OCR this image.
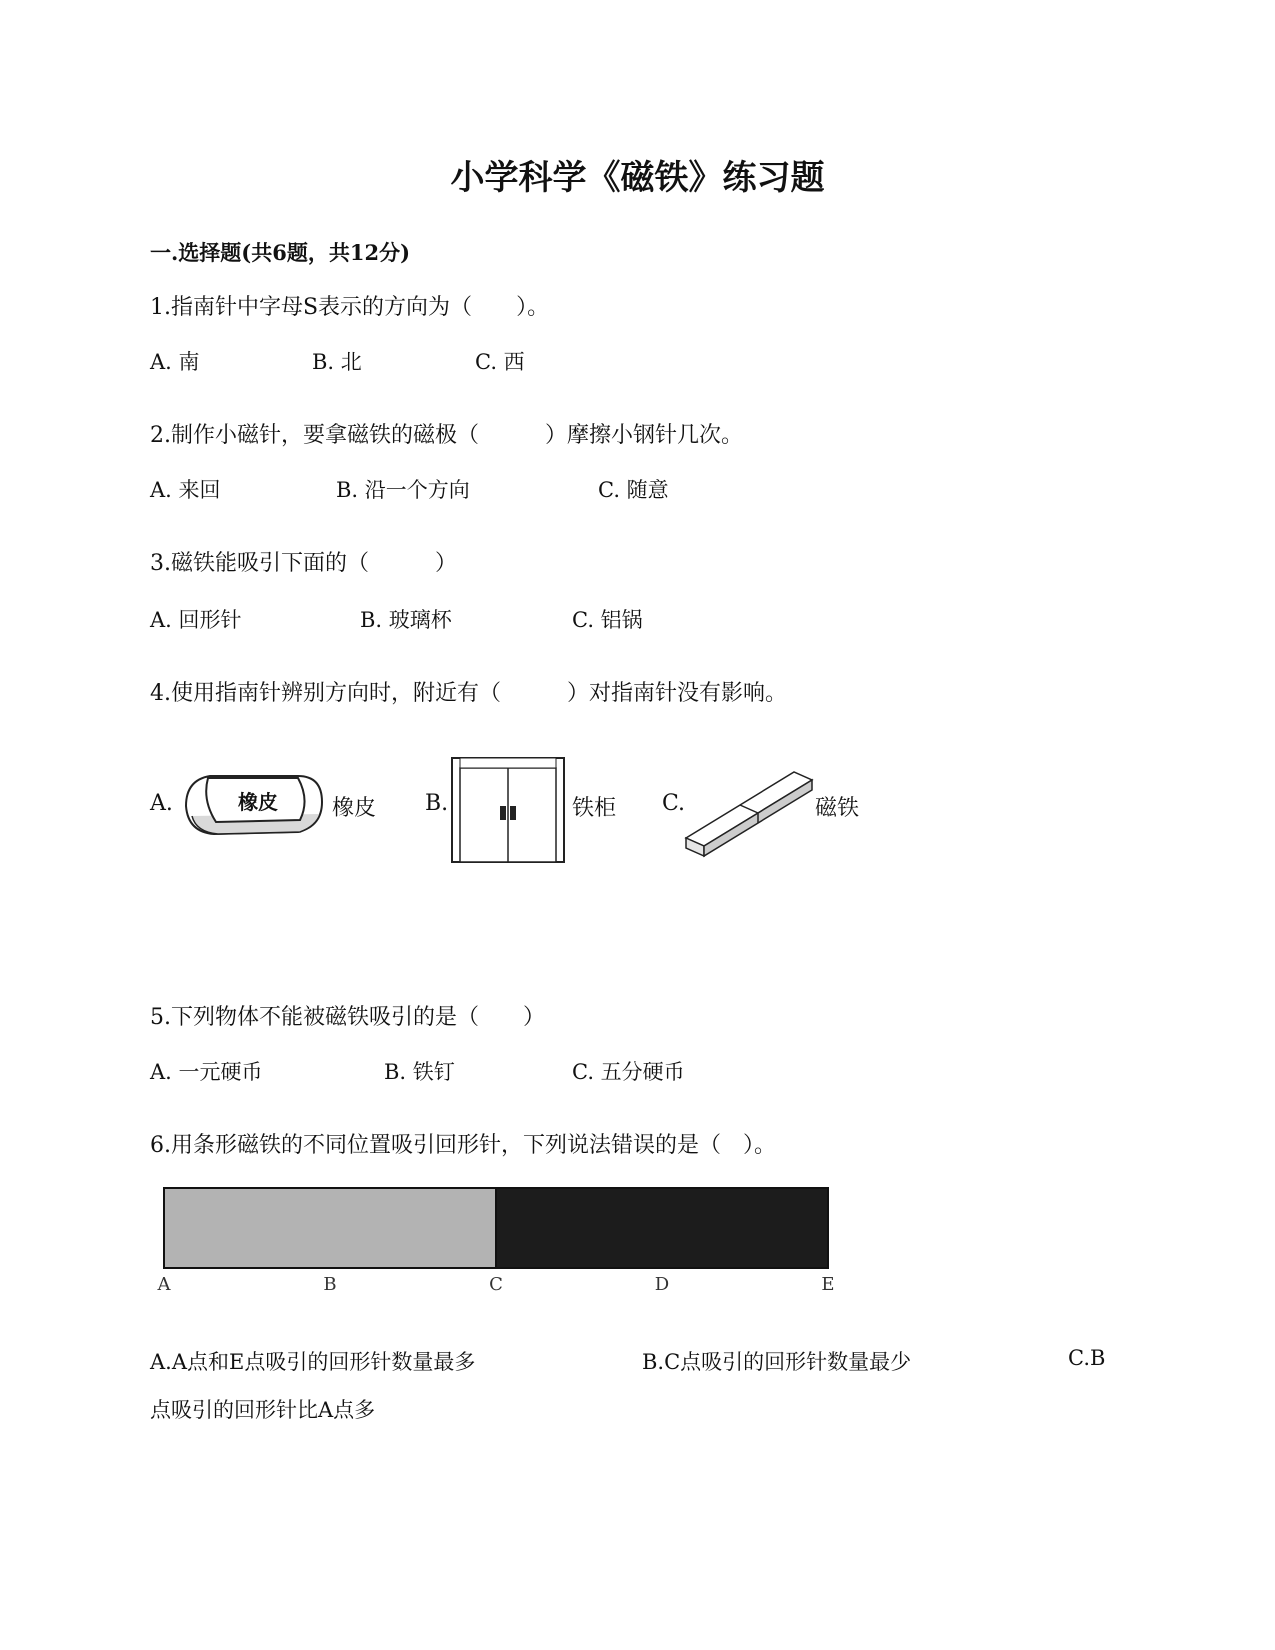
小学科学《磁铁》练习题
一.选择题(共6题，共12分)
1.指南针中字母S表示的方向为（　　）。
A. 南	B. 北	C. 西
2.制作小磁针，要拿磁铁的磁极（　　　）摩擦小钢针几次。
A. 来回	B. 沿一个方向	C. 随意
3.磁铁能吸引下面的（　　　）
A. 回形针	B. 玻璃杯	C. 铝锅
4.使用指南针辨别方向时，附近有（　　　）对指南针没有影响。
A.	橡皮 橡皮 B.	铁柜 C.	磁铁
5.下列物体不能被磁铁吸引的是（　　）
A. 一元硬币	B. 铁钉	C. 五分硬币
6.用条形磁铁的不同位置吸引回形针，下列说法错误的是（　）。
A	B	C	D	E
A.A点和E点吸引的回形针数量最多	B.C点吸引的回形针数量最少	C.B
点吸引的回形针比A点多
